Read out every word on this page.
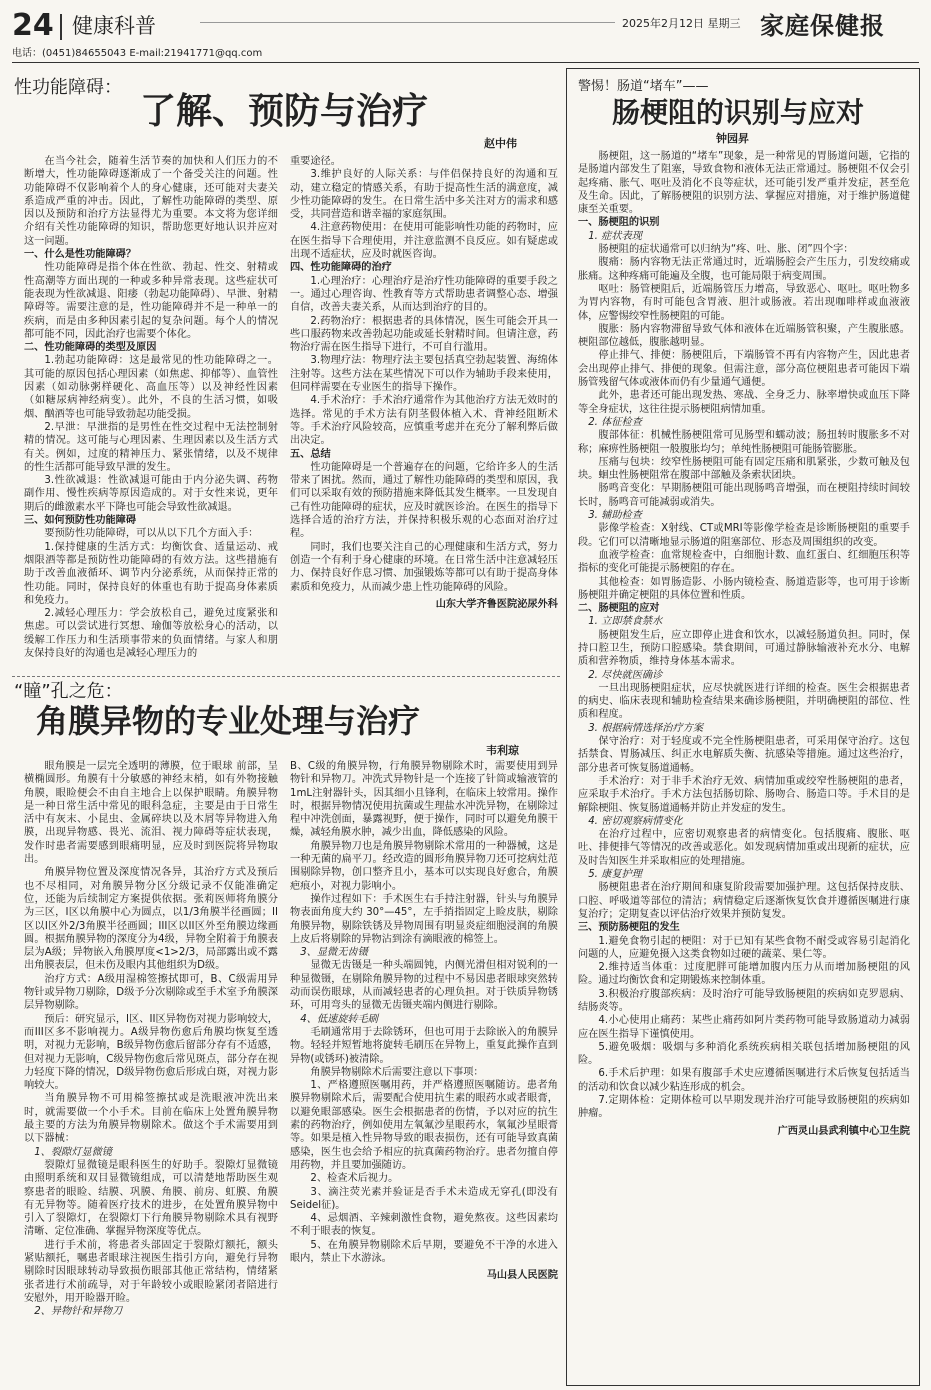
24 健康科普	2025年2月12日 星期三 家庭保健报
电话：(0451)84655043 E-mail:21941771@qq.com
性功能障碍：
了解、预防与治疗
赵中伟

在当今社会，随着生活节奏的加快和人们压力的不断增大，性功能障碍逐渐成了一个备受关注的问题。性功能障碍不仅影响着个人的身心健康，还可能对夫妻关系造成严重的冲击。因此，了解性功能障碍的类型、原因以及预防和治疗方法显得尤为重要。本文将为您详细介绍有关性功能障碍的知识，帮助您更好地认识并应对这一问题。

一、什么是性功能障碍？

性功能障碍是指个体在性欲、勃起、性交、射精或性高潮等方面出现的一种或多种异常表现。这些症状可能表现为性欲减退、阳痿（勃起功能障碍）、早泄、射精障碍等。需要注意的是，性功能障碍并不是一种单一的疾病，而是由多种因素引起的复杂问题。每个人的情况都可能不同，因此治疗也需要个体化。

二、性功能障碍的类型及原因

1.勃起功能障碍：这是最常见的性功能障碍之一。其可能的原因包括心理因素（如焦虑、抑郁等）、血管性因素（如动脉粥样硬化、高血压等）以及神经性因素（如糖尿病神经病变）。此外，不良的生活习惯，如吸烟、酗酒等也可能导致勃起功能受损。

2.早泄：早泄指的是男性在性交过程中无法控制射精的情况。这可能与心理因素、生理因素以及生活方式有关。例如，过度的精神压力、紧张情绪，以及不规律的性生活都可能导致早泄的发生。

3.性欲减退：性欲减退可能由于内分泌失调、药物副作用、慢性疾病等原因造成的。对于女性来说，更年期后的雌激素水平下降也可能会导致性欲减退。

三、如何预防性功能障碍

要预防性功能障碍，可以从以下几个方面入手：

1.保持健康的生活方式：均衡饮食、适量运动、戒烟限酒等都是预防性功能障碍的有效方法。这些措施有助于改善血液循环、调节内分泌系统，从而保持正常的性功能。同时，保持良好的体重也有助于提高身体素质和免疫力。

2.减轻心理压力：学会放松自己，避免过度紧张和焦虑。可以尝试进行冥想、瑜伽等放松身心的活动，以缓解工作压力和生活琐事带来的负面情绪。与家人和朋友保持良好的沟通也是减轻心理压力的

重要途径。

3.维护良好的人际关系：与伴侣保持良好的沟通和互动，建立稳定的情感关系，有助于提高性生活的满意度，减少性功能障碍的发生。在日常生活中多关注对方的需求和感受，共同营造和谐幸福的家庭氛围。

4.注意药物使用：在使用可能影响性功能的药物时，应在医生指导下合理使用，并注意监测不良反应。如有疑虑或出现不适症状，应及时就医咨询。

四、性功能障碍的治疗

1.心理治疗：心理治疗是治疗性功能障碍的重要手段之一。通过心理咨询、性教育等方式帮助患者调整心态、增强自信，改善夫妻关系，从而达到治疗的目的。

2.药物治疗：根据患者的具体情况，医生可能会开具一些口服药物来改善勃起功能或延长射精时间。但请注意，药物治疗需在医生指导下进行，不可自行滥用。

3.物理疗法：物理疗法主要包括真空勃起装置、海绵体注射等。这些方法在某些情况下可以作为辅助手段来使用，但同样需要在专业医生的指导下操作。

4.手术治疗：手术治疗通常作为其他治疗方法无效时的选择。常见的手术方法有阴茎假体植入术、背神经阻断术等。手术治疗风险较高，应慎重考虑并在充分了解利弊后做出决定。

五、总结

性功能障碍是一个普遍存在的问题，它给许多人的生活带来了困扰。然而，通过了解性功能障碍的类型和原因，我们可以采取有效的预防措施来降低其发生概率。一旦发现自己有性功能障碍的症状，应及时就医诊治。在医生的指导下选择合适的治疗方法，并保持积极乐观的心态面对治疗过程。

同时，我们也要关注自己的心理健康和生活方式，努力创造一个有利于身心健康的环境。在日常生活中注意减轻压力、保持良好作息习惯、加强锻炼等都可以有助于提高身体素质和免疫力，从而减少患上性功能障碍的风险。

山东大学齐鲁医院泌尿外科

“瞳”孔之危：
角膜异物的专业处理与治疗
韦利琼

眼角膜是一层完全透明的薄膜，位于眼球 前部，呈横椭圆形。角膜有十分敏感的神经末梢，如有外物接触角膜，眼睑便会不由自主地合上以保护眼睛。角膜异物是一种日常生活中常见的眼科急症，主要是由于日常生活中有灰末、小昆虫、金属碎块以及木屑等异物进入角膜，出现异物感、畏光、流泪、视力障碍等症状表现，发作时患者需要感到眼痛明显，应及时到医院将异物取出。

角膜异物位置及深度情况各异，其治疗方式及预后也不尽相同，对角膜异物分区分级记录不仅能准确定位，还能为后续制定方案提供依据。张莉医师将角膜分为三区，I区以角膜中心为圆点，以1/3角膜半径画圆；II区以I区外2/3角膜半径画圆；III区以II区外至角膜边缘画圆。根据角膜异物的深度分为4级，异物全附着于角膜表层为A级；异物嵌入角膜厚度<1>2/3，局部露出或不露出角膜表层，但未伤及眼内其他组织为D级。

治疗方式：A级用湿棉签擦拭即可，B、C级需用异物针或异物刀剔除，D级予分次剔除或至手术室予角膜深层异物剔除。

预后：研究显示，I区、II区异物伤对视力影响较大，而III区多不影响视力。A级异物伤愈后角膜均恢复至透明，对视力无影响，B级异物伤愈后留部分存有不适感，但对视力无影响，C级异物伤愈后常见斑点，部分存在视力轻度下降的情况，D级异物伤愈后形成白斑，对视力影响较大。

当角膜异物不可用棉签擦拭或是洗眼液冲洗出来时，就需要做一个小手术。目前在临床上处置角膜异物最主要的方法为角膜异物剔除术。做这个手术需要用到以下器械：

1、裂隙灯显微镜

裂隙灯显微镜是眼科医生的好助手。裂隙灯显微镜由照明系统和双目显微镜组成，可以清楚地帮助医生观察患者的眼睑、结膜、巩膜、角膜、前房、虹膜、角膜有无异物等。随着医疗技术的进步，在处置角膜异物中引入了裂隙灯，在裂隙灯下行角膜异物剔除术具有视野清晰、定位准确、掌握异物深度等优点。

进行手术前，将患者头部固定于裂隙灯额托，额头紧贴额托，嘱患者眼球注视医生指引方向，避免行异物剔除时因眼球转动导致损伤眼部其他正常结构，情绪紧张者进行术前疏导，对于年龄较小或眼睑紧闭者陪进行安慰外，用开睑器开睑。

2、异物针和异物刀

B、C级的角膜异物，行角膜异物剔除术时，需要使用到异物针和异物刀。冲洗式异物针是一个连接了针筒或输液管的1mL注射器针头，因其细小且锋利，在临床上较常用。操作时，根据异物情况使用抗菌或生理盐水冲洗异物，在剔除过程中冲洗创面，暴露视野，便于操作，同时可以避免角膜干燥，减轻角膜水肿，减少出血，降低感染的风险。

角膜异物刀也是角膜异物剔除术常用的一种器械，这是一种无菌的扁平刀。经改造的圆形角膜异物刀还可挖病灶范围剔除异物，创口整齐且小，基本可以实现良好愈合，角膜疤痕小，对视力影响小。

操作过程如下：手术医生右手持注射器，针头与角膜异物表面角度大约 30°—45°，左手捎指固定上睑皮肤，剔除角膜异物，剔除铁锈及异物周围有明显炎症细胞浸润的角膜上皮后将剔除的异物沾到涂有滴眼液的棉签上。

3、显微无齿镊

显微无齿镊是一种头端圆钝，内侧光滑但相对锐利的一种显微镊，在剔除角膜异物的过程中不易因患者眼球突然转动而误伤眼球，从而减轻患者的心理负担。对于铁质异物锈环，可用弯头的显微无齿镊夹端内侧进行剔除。

4、低速旋转毛刷

毛刷通常用于去除锈环，但也可用于去除嵌入的角膜异物。轻轻并短暂地将旋转毛刷压在异物上，重复此操作直到异物(或锈环)被清除。

角膜异物剔除术后需要注意以下事项：

1、严格遵照医嘱用药，并严格遵照医嘱随访。患者角膜异物剔除术后，需要配合使用抗生素的眼药水或者眼膏，以避免眼部感染。医生会根据患者的伤情，予以对应的抗生素的药物治疗，例如使用左氧氟沙星眼药水，氧氟沙星眼膏等。如果是植入性异物导致的眼表损伤，还有可能导致真菌感染，医生也会给予相应的抗真菌药物治疗。患者勿擅自停用药物，并且要加强随访。

2、检查术后视力。

3、滴注荧光素并验证是否手术未造成无穿孔(即没有Seidel征)。

4、忌烟酒、辛辣刺激性食物，避免熬夜。这些因素均不利于眼表的恢复。

5、在角膜异物剔除术后早期，要避免不干净的水进入眼内，禁止下水游泳。

马山县人民医院

警惕！肠道“堵车”——
肠梗阻的识别与应对
钟园昇

肠梗阻，这一肠道的“堵车”现象，是一种常见的胃肠道问题，它指的是肠道内部发生了阻塞，导致食物和液体无法正常通过。肠梗阻不仅会引起疼痛、胀气、呕吐及消化不良等症状，还可能引发严重并发症，甚至危及生命。因此，了解肠梗阻的识别方法、掌握应对措施，对于维护肠道健康至关重要。

一、肠梗阻的识别

1. 症状表现

肠梗阻的症状通常可以归纳为“疼、吐、胀、闭”四个字：

腹痛：肠内容物无法正常通过时，近端肠腔会产生压力，引发绞痛或胀痛。这种疼痛可能遍及全腹，也可能局限于病变周围。

呕吐：肠管梗阻后，近端肠管压力增高，导致恶心、呕吐。呕吐物多为胃内容物，有时可能包含胃液、胆汁或肠液。若出现咖啡样或血液液体，应警惕绞窄性肠梗阻的可能。

腹胀：肠内容物滞留导致气体和液体在近端肠管积聚，产生腹胀感。梗阻部位越低，腹胀越明显。

停止排气、排便：肠梗阻后，下端肠管不再有内容物产生，因此患者会出现停止排气、排便的现象。但需注意，部分高位梗阻患者可能因下端肠管残留气体或液体而仍有少量通气通便。

此外，患者还可能出现发热、寒战、全身乏力、脉率增快或血压下降等全身症状，这往往提示肠梗阻病情加重。

2. 体征检查

腹部体征：机械性肠梗阻常可见肠型和蠕动波；肠扭转时腹胀多不对称；麻痹性肠梗阻一般腹胀均匀；单纯性肠梗阻可能肠管膨胀。

压痛与包块：绞窄性肠梗阻可能有固定压痛和肌紧张，少数可触及包块。蛔虫性肠梗阻常在腹部中部触及条索状团块。

肠鸣音变化：早期肠梗阻可能出现肠鸣音增强，而在梗阻持续时间较长时，肠鸣音可能减弱或消失。

3. 辅助检查

影像学检查：X射线、CT或MRI等影像学检查是诊断肠梗阻的重要手段。它们可以清晰地显示肠道的阻塞部位、形态及周围组织的改变。

血液学检查：血常规检查中，白细胞计数、血红蛋白、红细胞压积等指标的变化可能提示肠梗阻的存在。

其他检查：如胃肠造影、小肠内镜检查、肠道造影等，也可用于诊断肠梗阻并确定梗阻的具体位置和性质。

二、肠梗阻的应对

1. 立即禁食禁水

肠梗阻发生后，应立即停止进食和饮水，以减轻肠道负担。同时，保持口腔卫生，预防口腔感染。禁食期间，可通过静脉输液补充水分、电解质和营养物质，维持身体基本需求。

2. 尽快就医确诊

一旦出现肠梗阻症状，应尽快就医进行详细的检查。医生会根据患者的病史、临床表现和辅助检查结果来确诊肠梗阻，并明确梗阻的部位、性质和程度。

3. 根据病情选择治疗方案

保守治疗：对于轻度或不完全性肠梗阻患者，可采用保守治疗。这包括禁食、胃肠减压、纠正水电解质失衡、抗感染等措施。通过这些治疗，部分患者可恢复肠道通畅。

手术治疗：对于非手术治疗无效、病情加重或绞窄性肠梗阻的患者，应采取手术治疗。手术方法包括肠切除、肠吻合、肠造口等。手术目的是解除梗阻、恢复肠道通畅并防止并发症的发生。

4. 密切观察病情变化

在治疗过程中，应密切观察患者的病情变化。包括腹痛、腹胀、呕吐、排便排气等情况的改善或恶化。如发现病情加重或出现新的症状，应及时告知医生并采取相应的处理措施。

5. 康复护理

肠梗阻患者在治疗期间和康复阶段需要加强护理。这包括保持皮肤、口腔、呼吸道等部位的清洁；病情稳定后逐渐恢复饮食并遵循医嘱进行康复治疗；定期复查以评估治疗效果并预防复发。

三、预防肠梗阻的发生

1.避免食物引起的梗阻：对于已知有某些食物不耐受或容易引起消化问题的人，应避免摄入这类食物如过硬的蔬菜、果仁等。

2.维持适当体重：过度肥胖可能增加腹内压力从而增加肠梗阻的风险。通过均衡饮食和定期锻炼来控制体重。

3.积极治疗腹部疾病：及时治疗可能导致肠梗阻的疾病如克罗恩病、结肠炎等。

4.小心使用止痛药：某些止痛药如阿片类药物可能导致肠道动力减弱应在医生指导下谨慎使用。

5.避免吸烟：吸烟与多种消化系统疾病相关联包括增加肠梗阻的风险。

6.手术后护理：如果有腹部手术史应遵循医嘱进行术后恢复包括适当的活动和饮食以减少粘连形成的机会。

7.定期体检：定期体检可以早期发现并治疗可能导致肠梗阻的疾病如肿瘤。

广西灵山县武利镇中心卫生院
